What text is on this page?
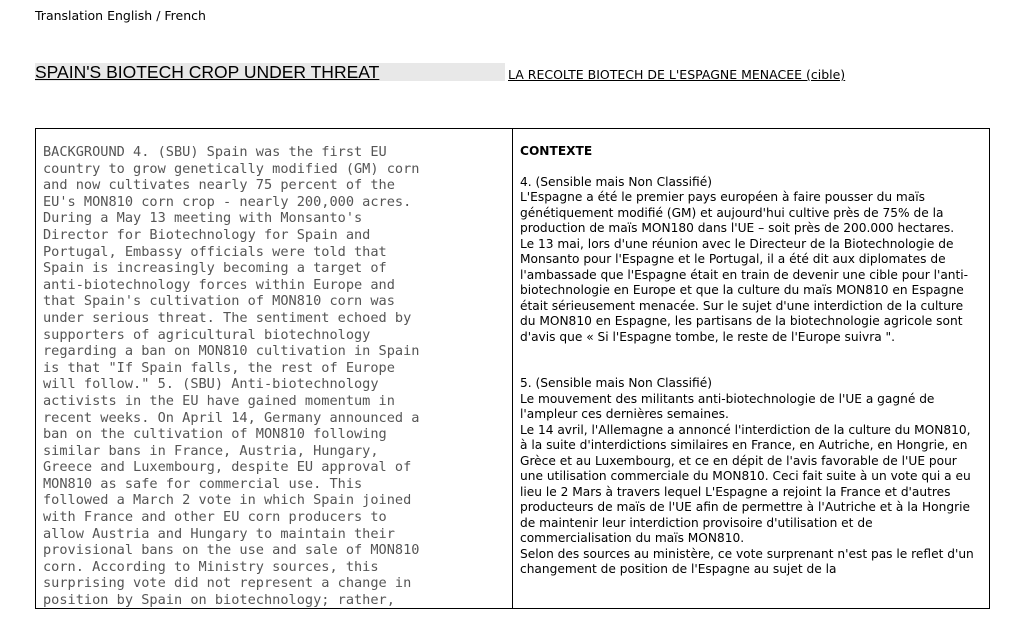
Translation English / French
SPAIN'S BIOTECH CROP UNDER THREAT	LA RECOLTE BIOTECH DE L'ESPAGNE MENACEE (cible)

BACKGROUND 4. (SBU) Spain was the first EU
country to grow genetically modified (GM) corn
and now cultivates nearly 75 percent of the
EU's MON810 corn crop - nearly 200,000 acres.
During a May 13 meeting with Monsanto's
Director for Biotechnology for Spain and
Portugal, Embassy officials were told that
Spain is increasingly becoming a target of
anti-biotechnology forces within Europe and
that Spain's cultivation of MON810 corn was
under serious threat. The sentiment echoed by
supporters of agricultural biotechnology
regarding a ban on MON810 cultivation in Spain
is that "If Spain falls, the rest of Europe
will follow." 5. (SBU) Anti-biotechnology
activists in the EU have gained momentum in
recent weeks. On April 14, Germany announced a
ban on the cultivation of MON810 following
similar bans in France, Austria, Hungary,
Greece and Luxembourg, despite EU approval of
MON810 as safe for commercial use. This
followed a March 2 vote in which Spain joined
with France and other EU corn producers to
allow Austria and Hungary to maintain their
provisional bans on the use and sale of MON810
corn. According to Ministry sources, this
surprising vote did not represent a change in
position by Spain on biotechnology; rather,

CONTEXTE

4. (Sensible mais Non Classifié)

L'Espagne a été le premier pays européen à faire pousser du maïs génétiquement modifié (GM) et aujourd'hui cultive près de 75% de la production de maïs MON180 dans l'UE – soit près de 200.000 hectares.

Le 13 mai, lors d'une réunion avec le Directeur de la Biotechnologie de Monsanto pour l'Espagne et le Portugal, il a été dit aux diplomates de l'ambassade que l'Espagne était en train de devenir une cible pour l'anti-biotechnologie en Europe et que la culture du maïs MON810 en Espagne était sérieusement menacée. Sur le sujet d'une interdiction de la culture du MON810 en Espagne, les partisans de la biotechnologie agricole sont d'avis que « Si l'Espagne tombe, le reste de l'Europe suivra ".

5. (Sensible mais Non Classifié)

Le mouvement des militants anti-biotechnologie de l'UE a gagné de l'ampleur ces dernières semaines.

Le 14 avril, l'Allemagne a annoncé l'interdiction de la culture du MON810, à la suite d'interdictions similaires en France, en Autriche, en Hongrie, en Grèce et au Luxembourg, et ce en dépit de l'avis favorable de l'UE pour une utilisation commerciale du MON810. Ceci fait suite à un vote qui a eu lieu le 2 Mars à travers lequel L'Espagne a rejoint la France et d'autres producteurs de maïs de l'UE afin de permettre à l'Autriche et à la Hongrie de maintenir leur interdiction provisoire d'utilisation et de commercialisation du maïs MON810.

Selon des sources au ministère, ce vote surprenant n'est pas le reflet d'un changement de position de l'Espagne au sujet de la
